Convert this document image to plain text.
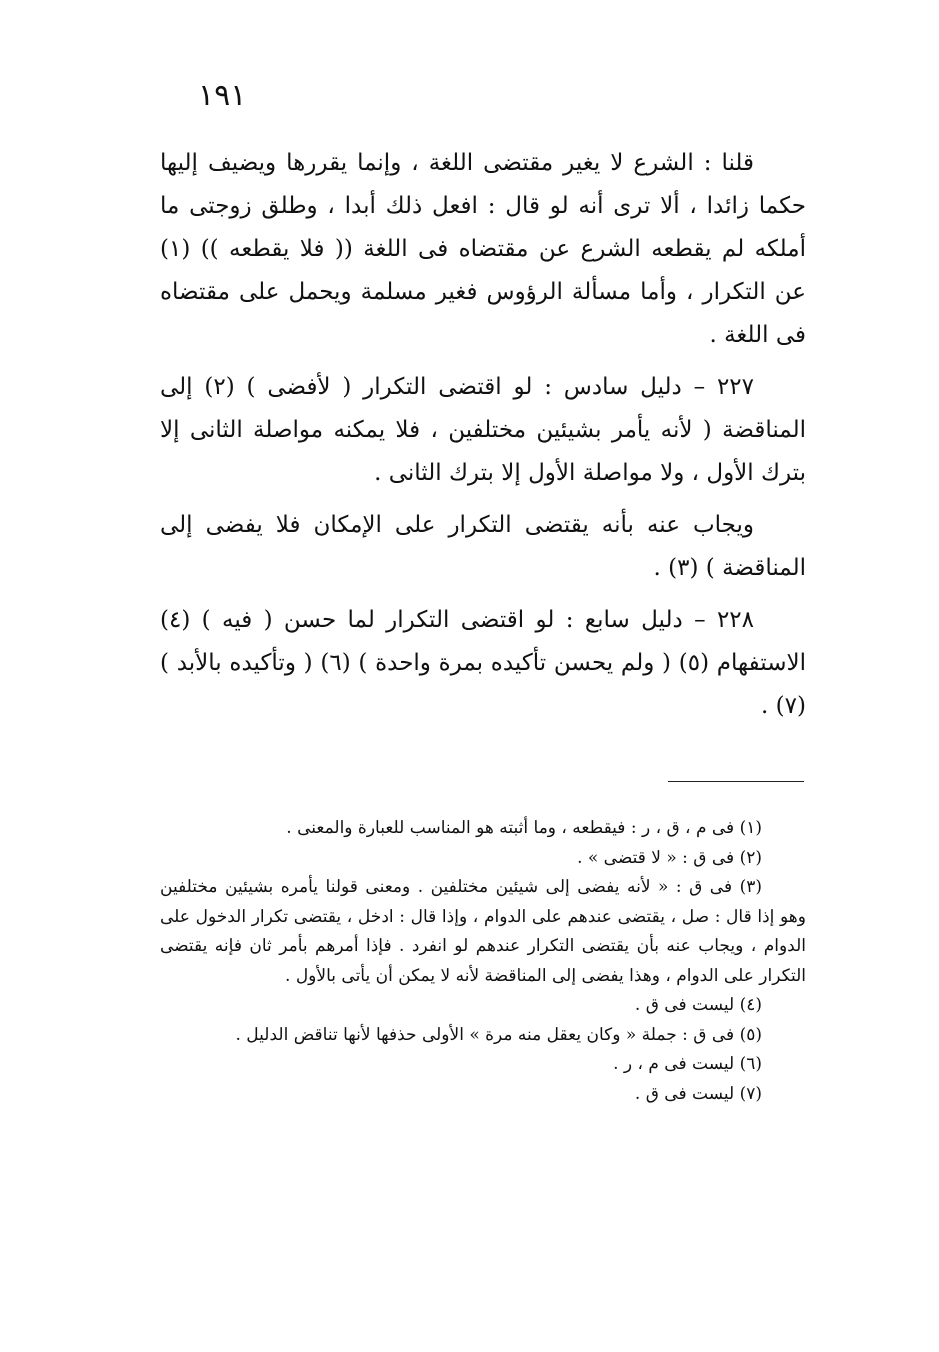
١٩١

قلنا : الشرع لا يغير مقتضى اللغة ، وإنما يقررها ويضيف إليها حكما زائدا ، ألا ترى أنه لو قال : افعل ذلك أبدا ، وطلق زوجتى ما أملكه لم يقطعه الشرع عن مقتضاه فى اللغة (( فلا يقطعه )) (١) عن التكرار ، وأما مسألة الرؤوس فغير مسلمة ويحمل على مقتضاه فى اللغة .

٢٢٧ – دليل سادس : لو اقتضى التكرار ( لأفضى ) (٢) إلى المناقضة ( لأنه يأمر بشيئين مختلفين ، فلا يمكنه مواصلة الثانى إلا بترك الأول ، ولا مواصلة الأول إلا بترك الثانى .

ويجاب عنه بأنه يقتضى التكرار على الإمكان فلا يفضى إلى المناقضة ) (٣) .

٢٢٨ – دليل سابع : لو اقتضى التكرار لما حسن ( فيه ) (٤) الاستفهام (٥) ( ولم يحسن تأكيده بمرة واحدة ) (٦) ( وتأكيده بالأبد ) (٧) .

(١) فى م ، ق ، ر : فيقطعه ، وما أثبته هو المناسب للعبارة والمعنى .

(٢) فى ق : « لا قتضى » .

(٣) فى ق : « لأنه يفضى إلى شيئين مختلفين . ومعنى قولنا يأمره بشيئين مختلفين وهو إذا قال : صل ، يقتضى عندهم على الدوام ، وإذا قال : ادخل ، يقتضى تكرار الدخول على الدوام ، ويجاب عنه بأن يقتضى التكرار عندهم لو انفرد . فإذا أمرهم بأمر ثان فإنه يقتضى التكرار على الدوام ، وهذا يفضى إلى المناقضة لأنه لا يمكن أن يأتى بالأول .

(٤) ليست فى ق .

(٥) فى ق : جملة « وكان يعقل منه مرة » الأولى حذفها لأنها تناقض الدليل .

(٦) ليست فى م ، ر .

(٧) ليست فى ق .
